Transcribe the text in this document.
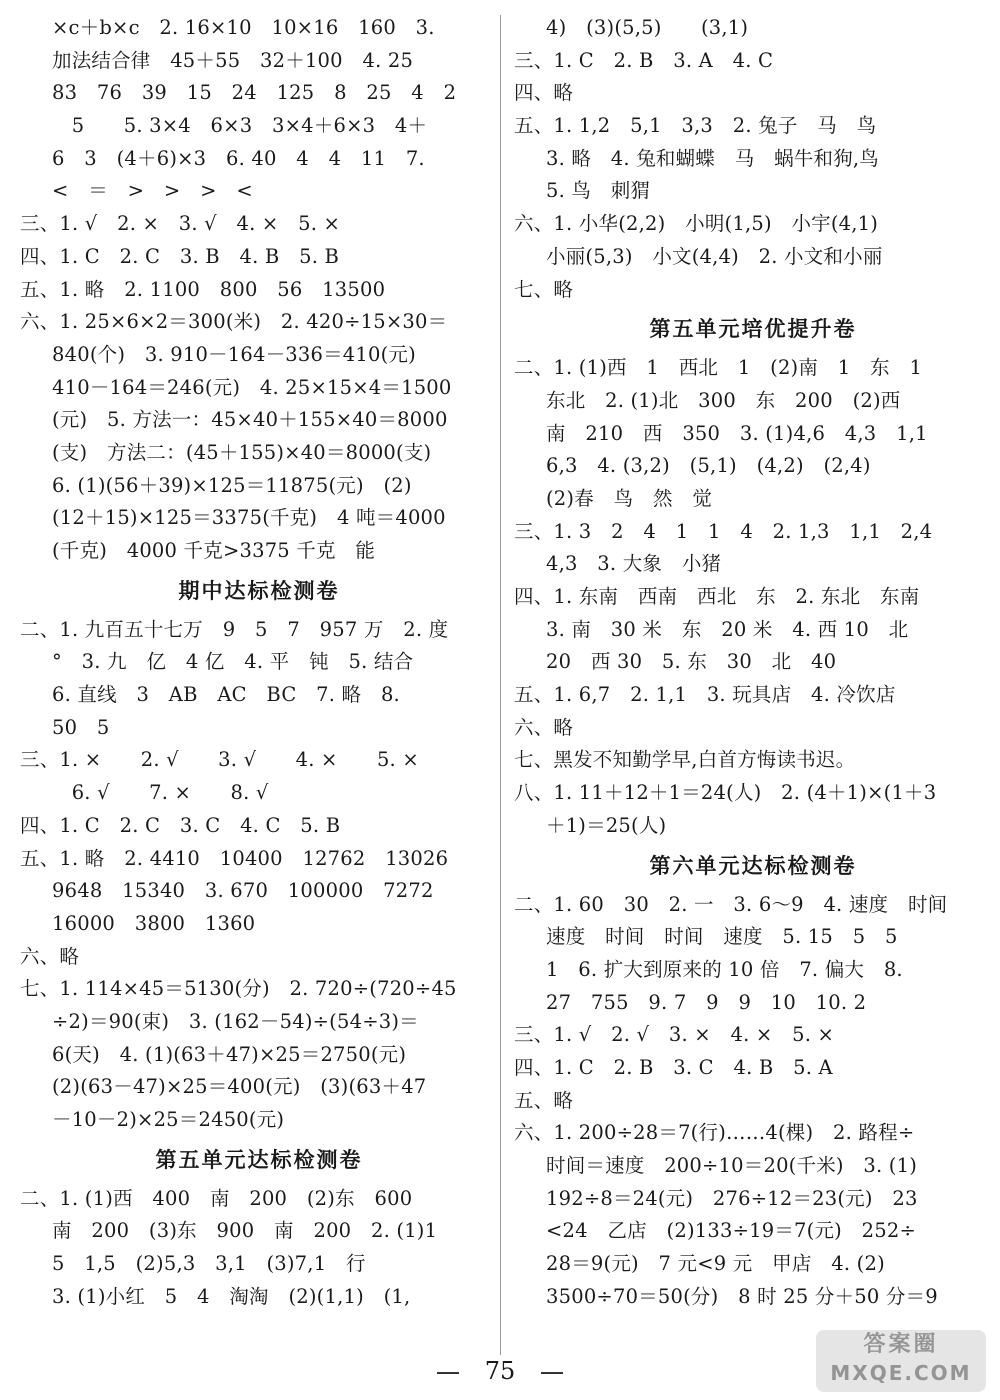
×c＋b×c　2. 16×10　10×16　160　3.
加法结合律　45＋55　32＋100　4. 25
83　76　39　15　24　125　8　25　4　2
　5　　5. 3×4　6×3　3×4＋6×3　4＋
6　3　(4＋6)×3　6. 40　4　4　11　7.
<　＝　>　>　>　<
三、1. √　2. ×　3. √　4. ×　5. ×
四、1. C　2. C　3. B　4. B　5. B
五、1. 略　2. 1100　800　56　13500
六、1. 25×6×2＝300(米)　2. 420÷15×30＝
840(个)　3. 910－164－336＝410(元)
410－164＝246(元)　4. 25×15×4＝1500
(元)　5. 方法一：45×40＋155×40＝8000
(支)　方法二：(45＋155)×40＝8000(支)
6. (1)(56＋39)×125＝11875(元)　(2)
(12＋15)×125＝3375(千克)　4 吨＝4000
(千克)　4000 千克>3375 千克　能
期中达标检测卷
二、1. 九百五十七万　9　5　7　957 万　2. 度
°　3. 九　亿　4 亿　4. 平　钝　5. 结合
6. 直线　3　AB　AC　BC　7. 略　8.
50　5
三、1. ×　　2. √　　3. √　　4. ×　　5. ×
　6. √　　7. ×　　8. √
四、1. C　2. C　3. C　4. C　5. B
五、1. 略　2. 4410　10400　12762　13026
9648　15340　3. 670　100000　7272
16000　3800　1360
六、略
七、1. 114×45＝5130(分)　2. 720÷(720÷45
÷2)＝90(束)　3. (162－54)÷(54÷3)＝
6(天)　4. (1)(63＋47)×25＝2750(元)
(2)(63－47)×25＝400(元)　(3)(63＋47
－10－2)×25＝2450(元)
第五单元达标检测卷
二、1. (1)西　400　南　200　(2)东　600
南　200　(3)东　900　南　200　2. (1)1
5　1,5　(2)5,3　3,1　(3)7,1　行
3. (1)小红　5　4　淘淘　(2)(1,1)　(1,
4)　(3)(5,5)　　(3,1)
三、1. C　2. B　3. A　4. C
四、略
五、1. 1,2　5,1　3,3　2. 兔子　马　鸟
3. 略　4. 兔和蝴蝶　马　蜗牛和狗,鸟
5. 鸟　刺猬
六、1. 小华(2,2)　小明(1,5)　小宇(4,1)
小丽(5,3)　小文(4,4)　2. 小文和小丽
七、略
第五单元培优提升卷
二、1. (1)西　1　西北　1　(2)南　1　东　1
东北　2. (1)北　300　东　200　(2)西
南　210　西　350　3. (1)4,6　4,3　1,1
6,3　4. (3,2)　(5,1)　(4,2)　(2,4)
(2)春　鸟　然　觉
三、1. 3　2　4　1　1　4　2. 1,3　1,1　2,4
4,3　3. 大象　小猪
四、1. 东南　西南　西北　东　2. 东北　东南
3. 南　30 米　东　20 米　4. 西 10　北
20　西 30　5. 东　30　北　40
五、1. 6,7　2. 1,1　3. 玩具店　4. 冷饮店
六、略
七、黑发不知勤学早,白首方悔读书迟。
八、1. 11＋12＋1＝24(人)　2. (4＋1)×(1＋3
＋1)＝25(人)
第六单元达标检测卷
二、1. 60　30　2. 一　3. 6～9　4. 速度　时间
速度　时间　时间　速度　5. 15　5　5
1　6. 扩大到原来的 10 倍　7. 偏大　8.
27　755　9. 7　9　9　10　10. 2
三、1. √　2. √　3. ×　4. ×　5. ×
四、1. C　2. B　3. C　4. B　5. A
五、略
六、1. 200÷28＝7(行)……4(棵)　2. 路程÷
时间＝速度　200÷10＝20(千米)　3. (1)
192÷8＝24(元)　276÷12＝23(元)　23
<24　乙店　(2)133÷19＝7(元)　252÷
28＝9(元)　7 元<9 元　甲店　4. (2)
3500÷70＝50(分)　8 时 25 分＋50 分＝9
75
答案圈
MXQE.COM
